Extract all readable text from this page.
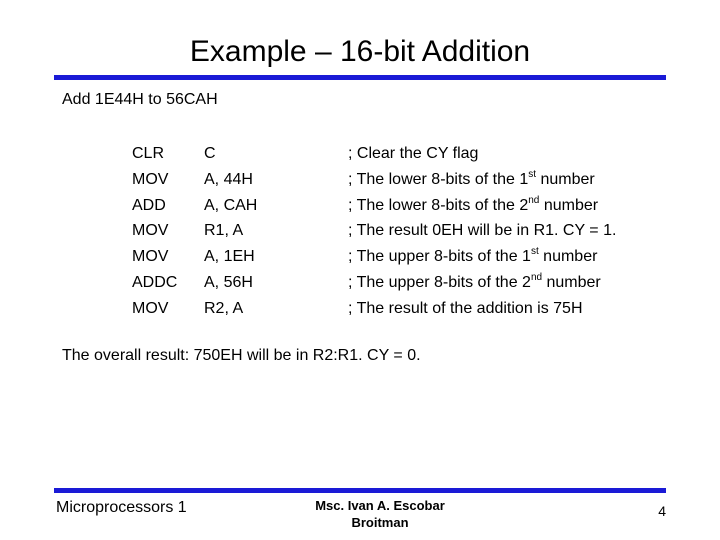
Example – 16-bit Addition
Add 1E44H to 56CAH
CLR
MOV
ADD
MOV
MOV
ADDC
MOV
C
A, 44H
A, CAH
R1, A
A, 1EH
A, 56H
R2, A
; Clear the CY flag
; The lower 8-bits of the 1st number
; The lower 8-bits of the 2nd number
; The result 0EH will be in R1. CY = 1.
; The upper 8-bits of the 1st number
; The upper 8-bits of the 2nd number
; The result of the addition is 75H
The overall result: 750EH will be in R2:R1. CY = 0.
Microprocessors 1	Msc. Ivan A. Escobar
Broitman
4
